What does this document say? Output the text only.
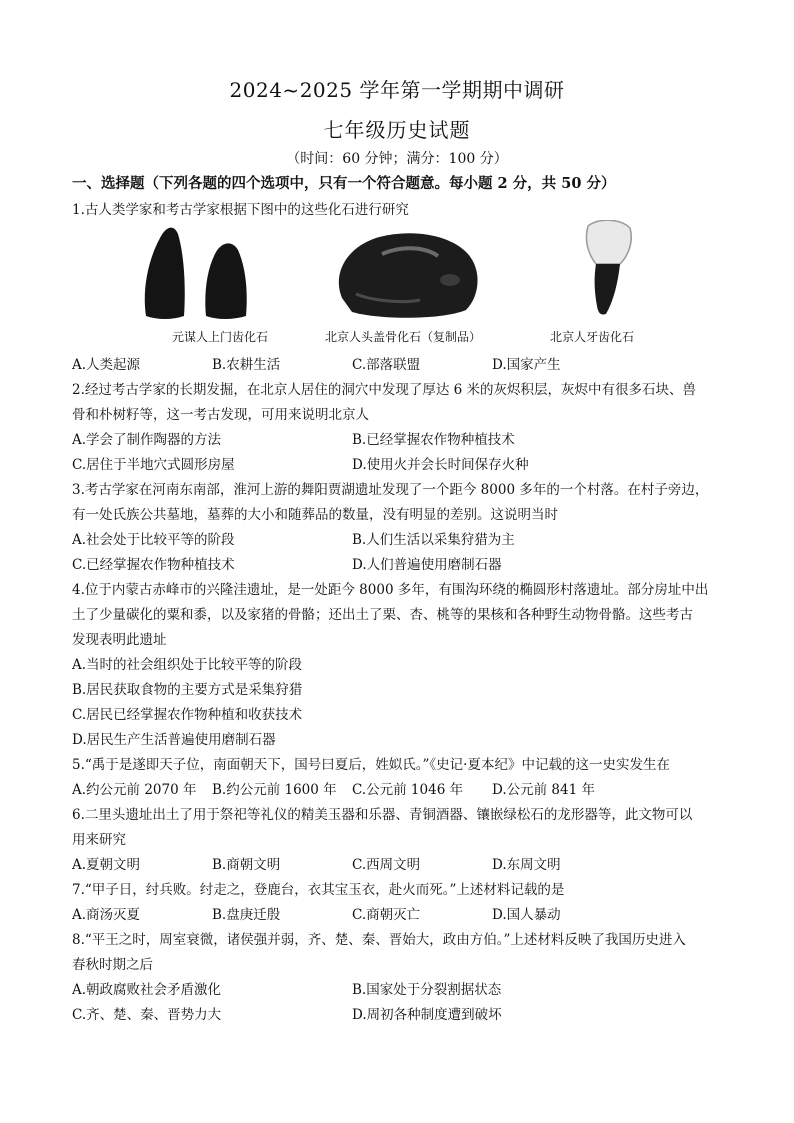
2024~2025 学年第一学期期中调研
七年级历史试题
（时间：60 分钟；满分：100 分）
一、选择题（下列各题的四个选项中，只有一个符合题意。每小题 2 分，共 50 分）
1.古人类学家和考古学家根据下图中的这些化石进行研究
元谋人上门齿化石	北京人头盖骨化石（复制品）	北京人牙齿化石
A.人类起源	B.农耕生活	C.部落联盟	D.国家产生
2.经过考古学家的长期发掘，在北京人居住的洞穴中发现了厚达 6 米的灰烬积层，灰烬中有很多石块、兽
骨和朴树籽等，这一考古发现，可用来说明北京人
A.学会了制作陶器的方法	B.已经掌握农作物种植技术
C.居住于半地穴式圆形房屋	D.使用火并会长时间保存火种
3.考古学家在河南东南部，淮河上游的舞阳贾湖遗址发现了一个距今 8000 多年的一个村落。在村子旁边，
有一处氏族公共墓地，墓葬的大小和随葬品的数量，没有明显的差别。这说明当时
A.社会处于比较平等的阶段	B.人们生活以采集狩猎为主
C.已经掌握农作物种植技术	D.人们普遍使用磨制石器
4.位于内蒙古赤峰市的兴隆洼遗址，是一处距今 8000 多年，有围沟环绕的椭圆形村落遗址。部分房址中出
土了少量碳化的粟和黍，以及家猪的骨骼；还出土了栗、杏、桃等的果核和各种野生动物骨骼。这些考古
发现表明此遗址
A.当时的社会组织处于比较平等的阶段
B.居民获取食物的主要方式是采集狩猎
C.居民已经掌握农作物种植和收获技术
D.居民生产生活普遍使用磨制石器
5.“禹于是遂即天子位，南面朝天下，国号曰夏后，姓姒氏。”《史记·夏本纪》中记载的这一史实发生在
A.约公元前 2070 年 B.约公元前 1600 年 C.公元前 1046 年 D.公元前 841 年
6.二里头遗址出土了用于祭祀等礼仪的精美玉器和乐器、青铜酒器、镶嵌绿松石的龙形器等，此文物可以
用来研究
A.夏朝文明	B.商朝文明	C.西周文明	D.东周文明
7.“甲子日，纣兵败。纣走之，登鹿台，衣其宝玉衣，赴火而死。”上述材料记载的是
A.商汤灭夏	B.盘庚迁殷	C.商朝灭亡	D.国人暴动
8.“平王之时，周室衰微，诸侯强并弱，齐、楚、秦、晋始大，政由方伯。”上述材料反映了我国历史进入
春秋时期之后
A.朝政腐败社会矛盾激化	B.国家处于分裂割据状态
C.齐、楚、秦、晋势力大	D.周初各种制度遭到破坏
